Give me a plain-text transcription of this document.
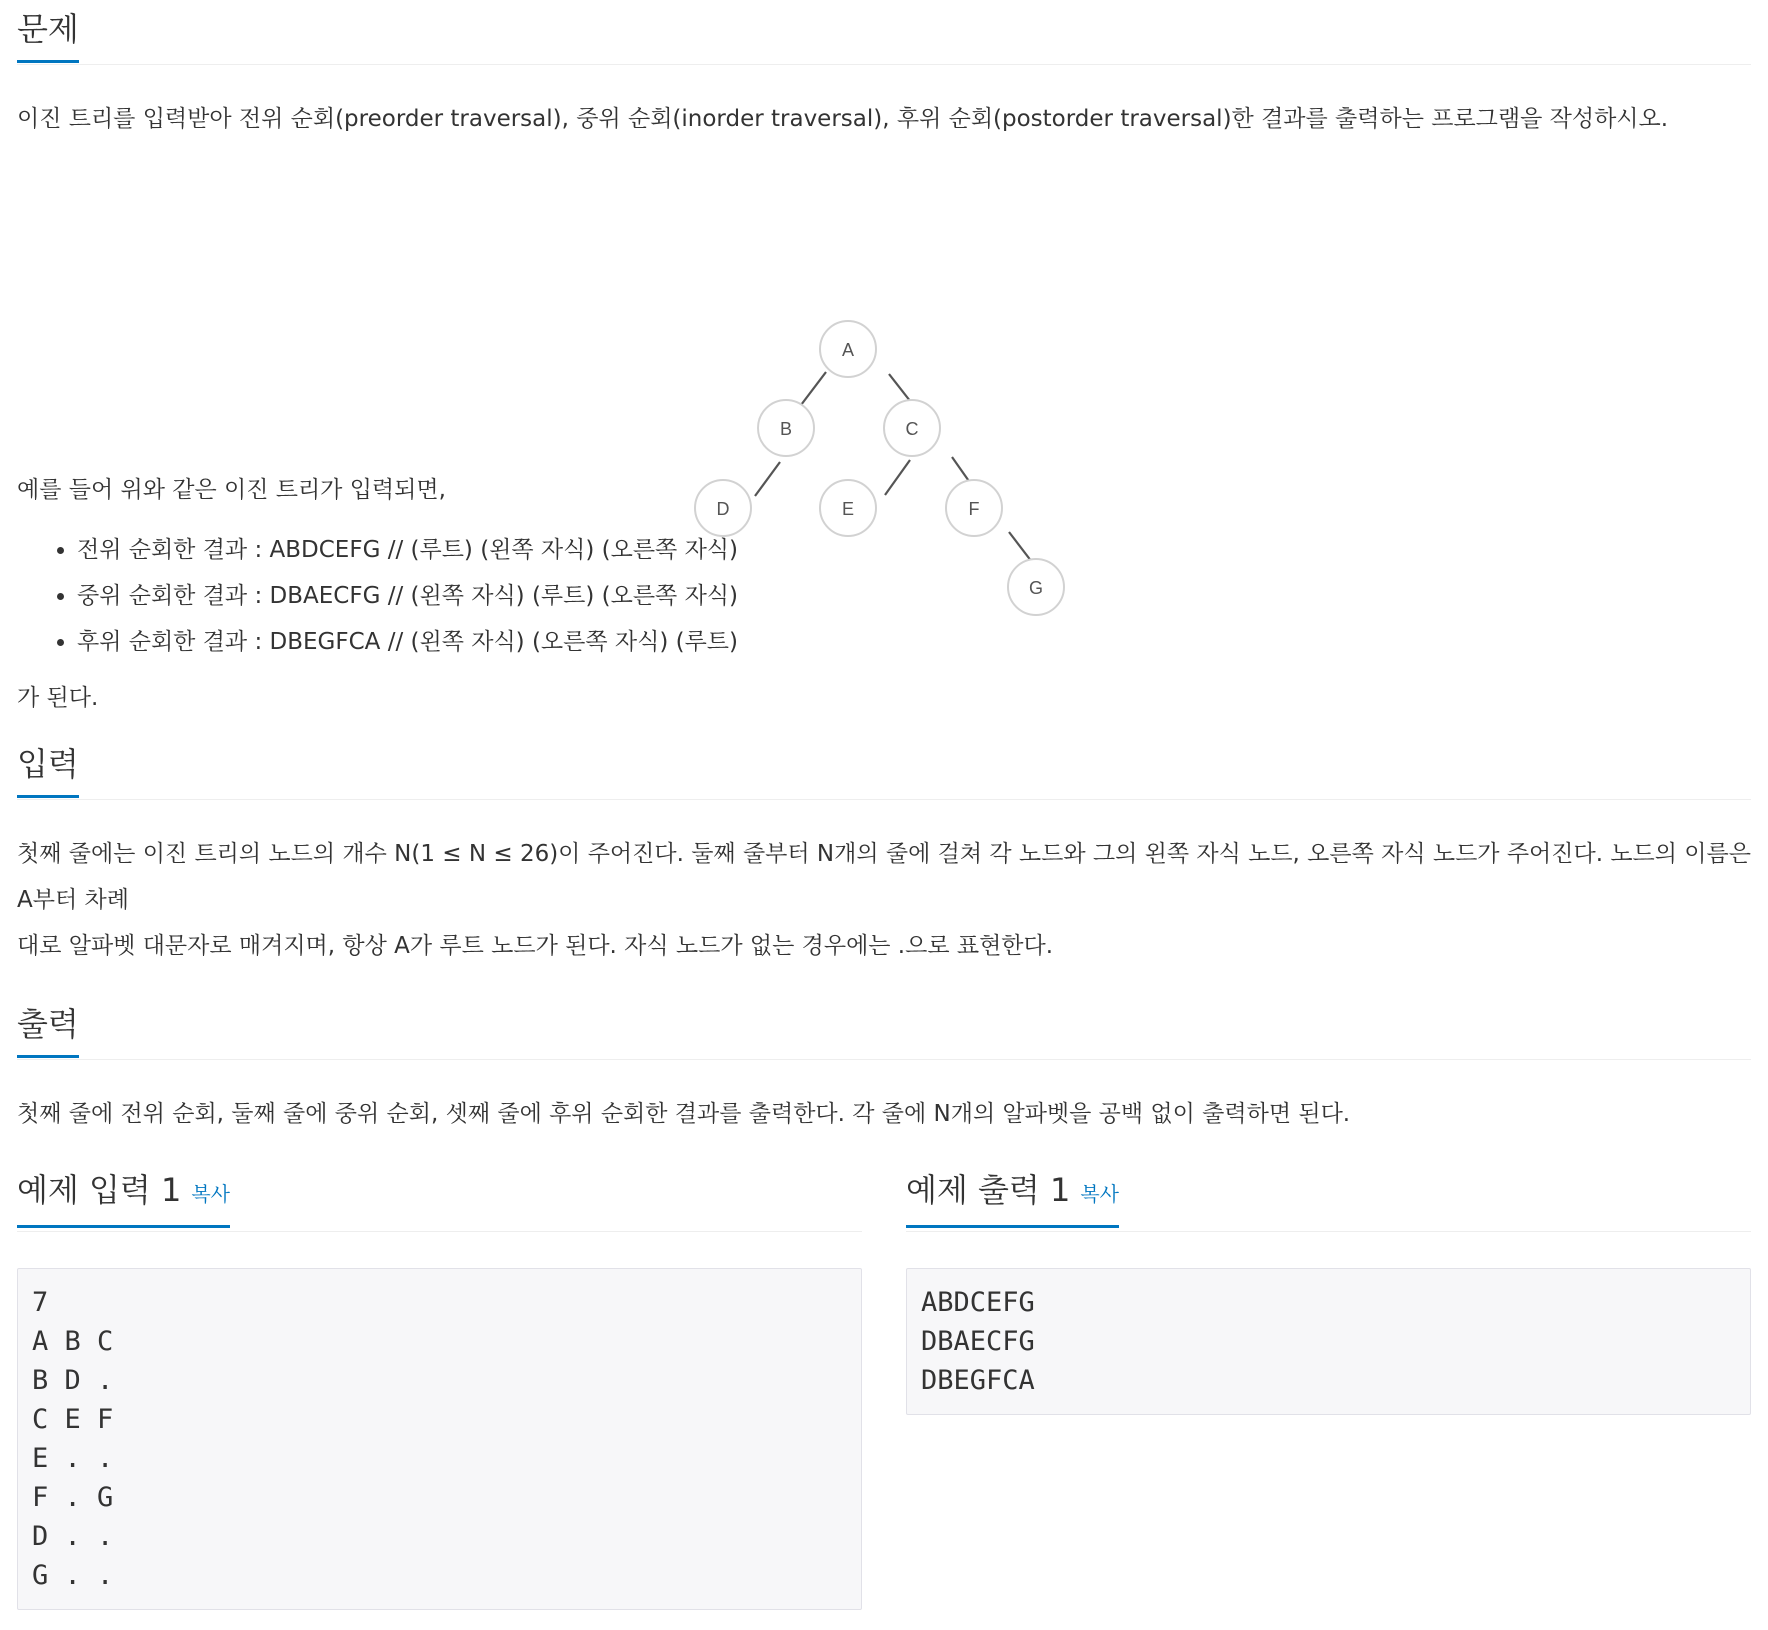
문제

이진 트리를 입력받아 전위 순회(preorder traversal), 중위 순회(inorder traversal), 후위 순회(postorder traversal)한 결과를 출력하는 프로그램을 작성하시오.

A
B	C
D	E	F
G

예를 들어 위와 같은 이진 트리가 입력되면,

• 전위 순회한 결과 : ABDCEFG // (루트) (왼쪽 자식) (오른쪽 자식)
• 중위 순회한 결과 : DBAECFG // (왼쪽 자식) (루트) (오른쪽 자식)
• 후위 순회한 결과 : DBEGFCA // (왼쪽 자식) (오른쪽 자식) (루트)

가 된다.

입력

첫째 줄에는 이진 트리의 노드의 개수 N(1 ≤ N ≤ 26)이 주어진다. 둘째 줄부터 N개의 줄에 걸쳐 각 노드와 그의 왼쪽 자식 노드, 오른쪽 자식 노드가 주어진다. 노드의 이름은 A부터 차례

대로 알파벳 대문자로 매겨지며, 항상 A가 루트 노드가 된다. 자식 노드가 없는 경우에는 .으로 표현한다.

출력

첫째 줄에 전위 순회, 둘째 줄에 중위 순회, 셋째 줄에 후위 순회한 결과를 출력한다. 각 줄에 N개의 알파벳을 공백 없이 출력하면 된다.

예제 입력 1 복사
7
A B C
B D .
C E F
E . .
F . G
D . .
G . .
예제 출력 1 복사
ABDCEFG
DBAECFG
DBEGFCA
